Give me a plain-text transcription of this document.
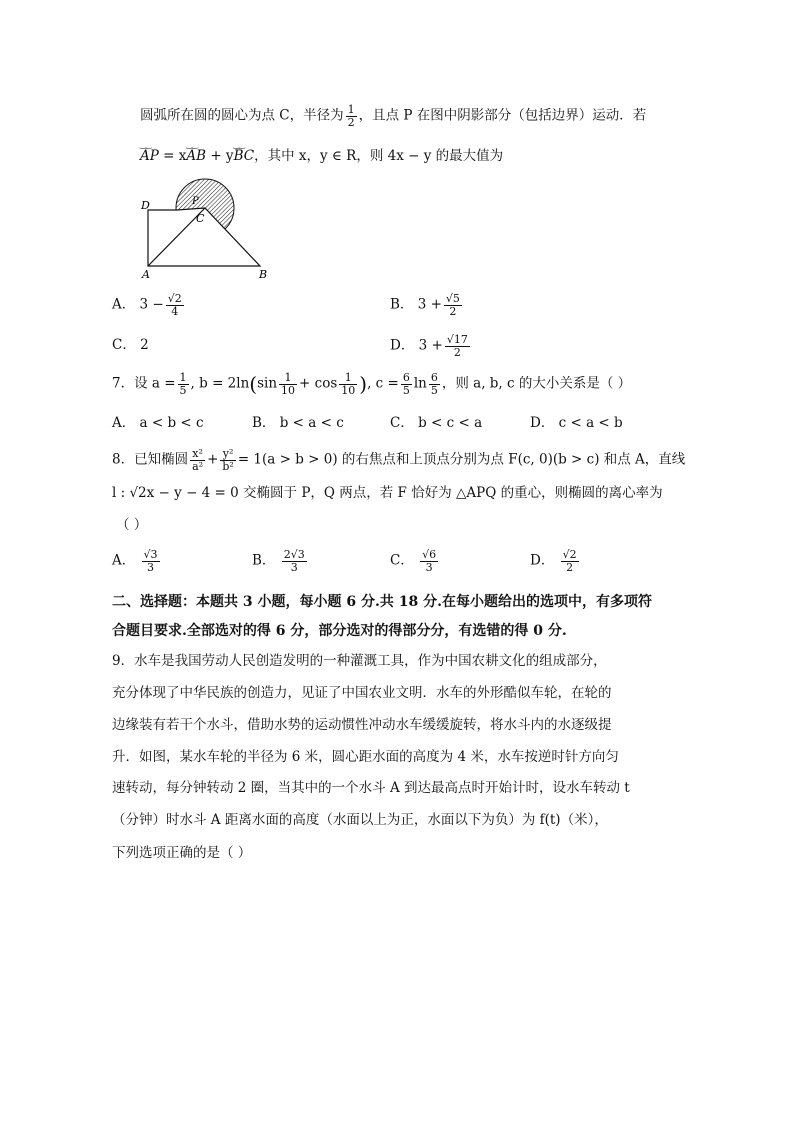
圆弧所在圆的圆心为点 C，半径为 $\frac{1}{2}$ ，且点 P 在图中阴影部分（包括边界）运动．若
‿‿ AP = x‿‿ AB + y‿‿ BC，其中 x，y ∈ R，则 4x − y 的最大值为
D	P
C
A	B
A． $3 - \frac{√2}{4}$	B． $3 + \frac{√5}{2}$
C． 2	D． $3 + \frac{√17}{2}$
7．设 $a = \frac{1}{5}$ , $b = 2\ln(\sin \frac{1}{10} + \cos \frac{1}{10}$ ), $c = \frac{6}{5}$ $\ln \frac{6}{5}$ ，则 a, b, c 的大小关系是（ ）
A． a < b < c	B． b < a < c	C． b < c < a	D． c < a < b
8．已知椭圆 $\frac{\text{x²}}{\text{a²}} + \frac{\text{y²}}{\text{b²}} = 1(a > b > 0)$ 的右焦点和上顶点分别为点 F(c, 0)(b > c) 和点 A，直线
l : √2x − y − 4 = 0 交椭圆于 P，Q 两点，若 F 恰好为 △APQ 的重心，则椭圆的离心率为
（ ）
A． $\frac{√3}{3}$	B． $\frac{2√3}{3}$	C． $\frac{√6}{3}$	D． $\frac{√2}{2}$
二、选择题：本题共 3 小题，每小题 6 分.共 18 分.在每小题给出的选项中，有多项符
合题目要求.全部选对的得 6 分，部分选对的得部分分，有选错的得 0 分.
9．水车是我国劳动人民创造发明的一种灌溉工具，作为中国农耕文化的组成部分，
充分体现了中华民族的创造力，见证了中国农业文明．水车的外形酷似车轮，在轮的
边缘装有若干个水斗，借助水势的运动惯性冲动水车缓缓旋转，将水斗内的水逐级提
升．如图，某水车轮的半径为 6 米，圆心距水面的高度为 4 米，水车按逆时针方向匀
速转动，每分钟转动 2 圈，当其中的一个水斗 A 到达最高点时开始计时，设水车转动 t
（分钟）时水斗 A 距离水面的高度（水面以上为正，水面以下为负）为 f(t)（米），
下列选项正确的是（ ）
